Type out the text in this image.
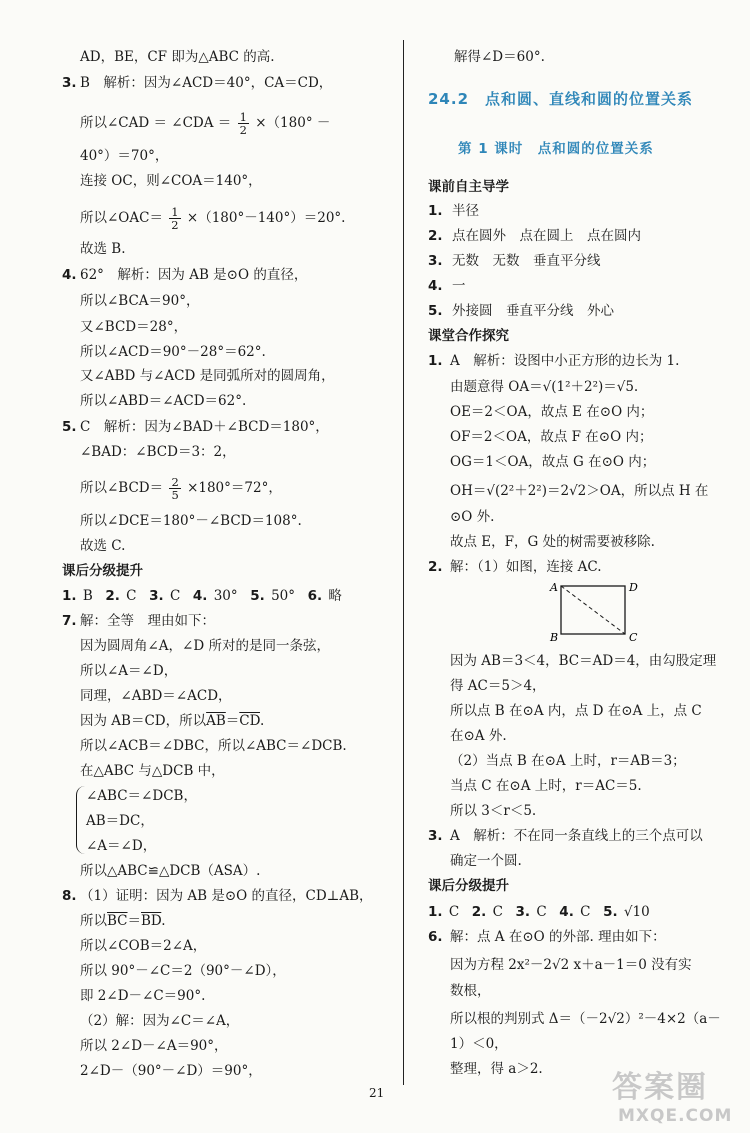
AD，BE，CF 即为△ABC 的高.
3. B　解析：因为∠ACD＝40°，CA＝CD，
所以∠CAD ＝ ∠CDA ＝ $\frac{1}{2} \times(180^\circ$ －
40°）＝70°，
连接 OC，则∠COA＝140°，
所以∠OAC＝ $\frac{1}{2} \times(180^\circ-140^\circ)=20^\circ$.
故选 B.
4. 62°　解析：因为 AB 是⊙O 的直径，
所以∠BCA＝90°，
又∠BCD＝28°，
所以∠ACD＝90°－28°＝62°.
又∠ABD 与∠ACD 是同弧所对的圆周角，
所以∠ABD＝∠ACD＝62°.
5. C　解析：因为∠BAD＋∠BCD＝180°，
∠BAD：∠BCD＝3：2，
所以∠BCD＝ $\frac{2}{5} \times 180^\circ=72^\circ$，
所以∠DCE＝180°－∠BCD＝108°.
故选 C.
课后分级提升
1. B 2. C 3. C 4. 30° 5. 50° 6. 略
7. 解：全等　理由如下：
因为圆周角∠A，∠D 所对的是同一条弦，
所以∠A＝∠D，
同理，∠ABD＝∠ACD，
因为 AB＝CD，所以$\overline{AB}=\overline{CD}$.
所以∠ACB＝∠DBC，所以∠ABC＝∠DCB.
在△ABC 与△DCB 中，
∠ABC＝∠DCB，
AB＝DC，
∠A＝∠D，
所以△ABC≌△DCB（ASA）.
8. （1）证明：因为 AB 是⊙O 的直径，CD⊥AB，
所以$\overline{BC}=\overline{BD}$.
所以∠COB＝2∠A，
所以 90°－∠C＝2（90°－∠D），
即 2∠D－∠C＝90°.
（2）解：因为∠C＝∠A，
所以 2∠D－∠A＝90°，
2∠D－（90°－∠D）＝90°，
解得∠D＝60°.
24.2　点和圆、直线和圆的位置关系
第 1 课时　点和圆的位置关系
课前自主导学
1. 半径
2. 点在圆外　点在圆上　点在圆内
3. 无数　无数　垂直平分线
4. 一
5. 外接圆　垂直平分线　外心
课堂合作探究
1. A　解析：设图中小正方形的边长为 1.
由题意得 OA＝√(1²＋2²)＝√5.
OE＝2＜OA，故点 E 在⊙O 内；
OF＝2＜OA，故点 F 在⊙O 内；
OG＝1＜OA，故点 G 在⊙O 内；
OH＝√(2²＋2²)＝2√2＞OA，所以点 H 在
⊙O 外.
故点 E，F，G 处的树需要被移除.
2. 解：（1）如图，连接 AC.
A	D
B	C
因为 AB＝3＜4，BC＝AD＝4，由勾股定理
得 AC＝5＞4，
所以点 B 在⊙A 内，点 D 在⊙A 上，点 C
在⊙A 外.
（2）当点 B 在⊙A 上时，r＝AB＝3；
当点 C 在⊙A 上时，r＝AC＝5.
所以 3＜r＜5.
3. A　解析：不在同一条直线上的三个点可以
确定一个圆.
课后分级提升
1. C 2. C 3. C 4. C 5. √10
6. 解：点 A 在⊙O 的外部. 理由如下：
因为方程 2x²－2√2 x＋a－1＝0 没有实
数根，
所以根的判别式 Δ＝（－2√2）²－4×2（a－
1）＜0，
整理，得 a＞2.
21	答案圈
MXQE.COM
